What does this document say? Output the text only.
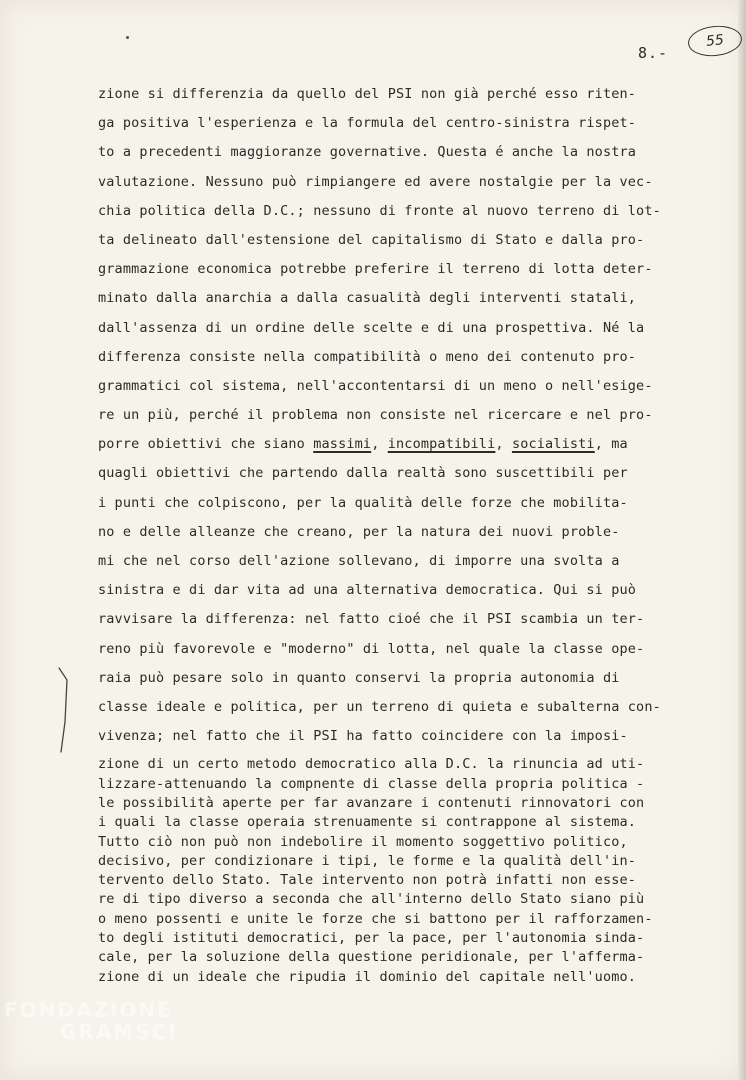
8.-
55
zione si differenzia da quello del PSI non già perché esso riten-
ga positiva l'esperienza e la formula del centro-sinistra rispet-
to a precedenti maggioranze governative. Questa é anche la nostra
valutazione. Nessuno può rimpiangere ed avere nostalgie per la vec-
chia politica della D.C.; nessuno di fronte al nuovo terreno di lot-
ta delineato dall'estensione del capitalismo di Stato e dalla pro-
grammazione economica potrebbe preferire il terreno di lotta deter-
minato dalla anarchia a dalla casualità degli interventi statali,
dall'assenza di un ordine delle scelte e di una prospettiva. Né la
differenza consiste nella compatibilità o meno dei contenuto pro-
grammatici col sistema, nell'accontentarsi di un meno o nell'esige-
re un più, perché il problema non consiste nel ricercare e nel pro-
porre obiettivi che siano massimi, incompatibili, socialisti, ma
quagli obiettivi che partendo dalla realtà sono suscettibili per
i punti che colpiscono, per la qualità delle forze che mobilita-
no e delle alleanze che creano, per la natura dei nuovi proble-
mi che nel corso dell'azione sollevano, di imporre una svolta a
sinistra e di dar vita ad una alternativa democratica. Qui si può
ravvisare la differenza: nel fatto cioé che il PSI scambia un ter-
reno più favorevole e "moderno" di lotta, nel quale la classe ope-
raia può pesare solo in quanto conservi la propria autonomia di
classe ideale e politica, per un terreno di quieta e subalterna con-
vivenza; nel fatto che il PSI ha fatto coincidere con la imposi-
zione di un certo metodo democratico alla D.C. la rinuncia ad uti-
lizzare-attenuando la compnente di classe della propria politica -
le possibilità aperte per far avanzare i contenuti rinnovatori con
i quali la classe operaia strenuamente si contrappone al sistema.
Tutto ciò non può non indebolire il momento soggettivo politico,
decisivo, per condizionare i tipi, le forme e la qualità dell'in-
tervento dello Stato. Tale intervento non potrà infatti non esse-
re di tipo diverso a seconda che all'interno dello Stato siano più
o meno possenti e unite le forze che si battono per il rafforzamen-
to degli istituti democratici, per la pace, per l'autonomia sinda-
cale, per la soluzione della questione peridionale, per l'afferma-
zione di un ideale che ripudia il dominio del capitale nell'uomo.
FONDAZIONE
GRAMSCI
